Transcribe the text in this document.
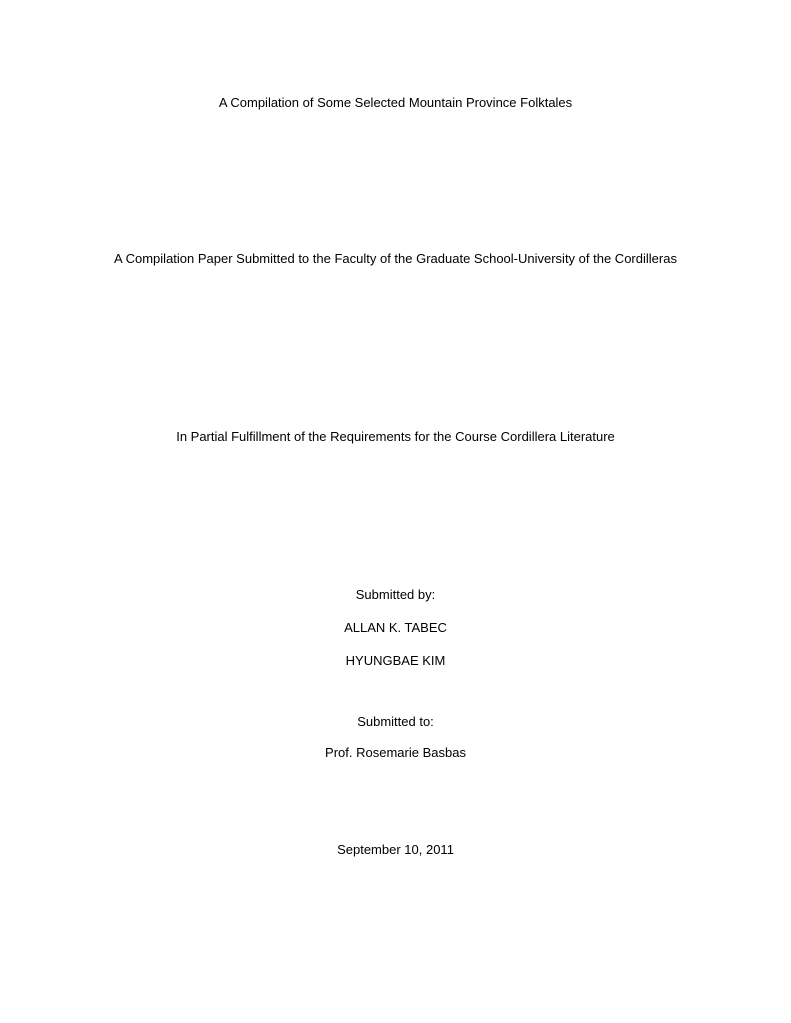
A Compilation of Some Selected Mountain Province Folktales
A Compilation Paper Submitted to the Faculty of the Graduate School-University of the Cordilleras
In Partial Fulfillment of the Requirements for the Course Cordillera Literature
Submitted by:
ALLAN K. TABEC
HYUNGBAE KIM
Submitted to:
Prof. Rosemarie Basbas
September 10, 2011
